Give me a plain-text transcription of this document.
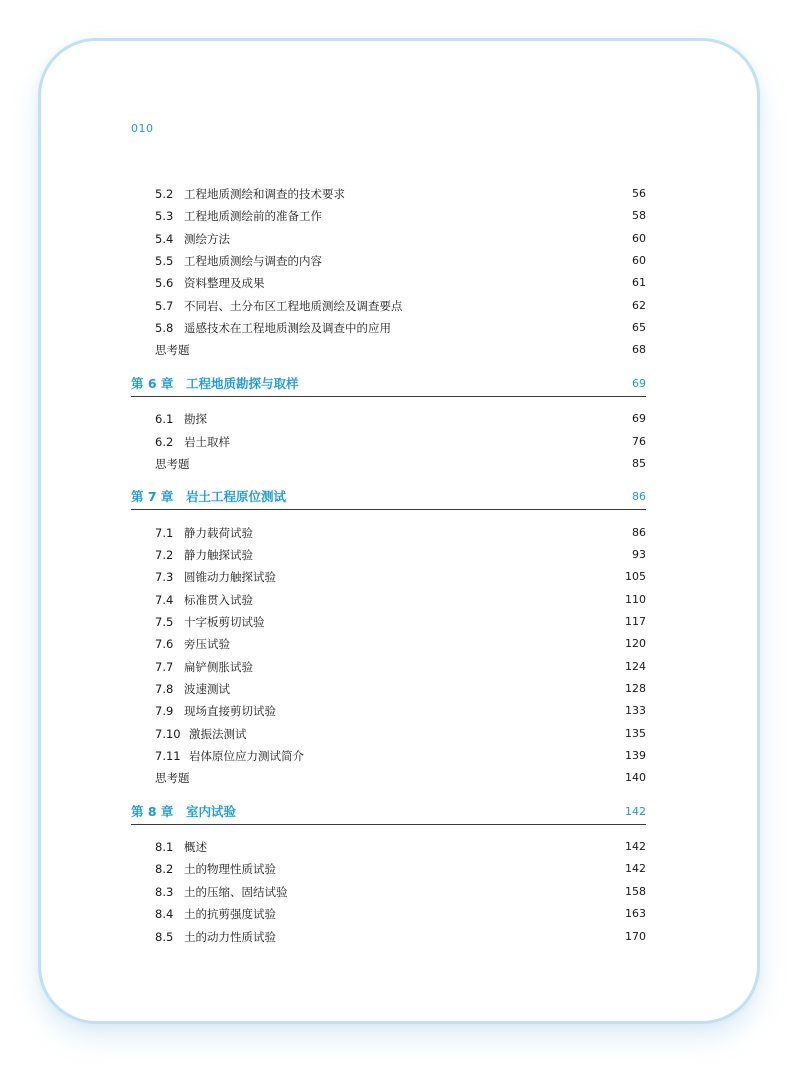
010
5.2 工程地质测绘和调查的技术要求	56
5.3 工程地质测绘前的准备工作	58
5.4 测绘方法	60
5.5 工程地质测绘与调查的内容	60
5.6 资料整理及成果	61
5.7 不同岩、土分布区工程地质测绘及调查要点	62
5.8 遥感技术在工程地质测绘及调查中的应用	65
思考题	68
第 6 章 工程地质勘探与取样	69
6.1 勘探	69
6.2 岩土取样	76
思考题	85
第 7 章 岩土工程原位测试	86
7.1 静力载荷试验	86
7.2 静力触探试验	93
7.3 圆锥动力触探试验	105
7.4 标准贯入试验	110
7.5 十字板剪切试验	117
7.6 旁压试验	120
7.7 扁铲侧胀试验	124
7.8 波速测试	128
7.9 现场直接剪切试验	133
7.10 激振法测试	135
7.11 岩体原位应力测试简介	139
思考题	140
第 8 章 室内试验	142
8.1 概述	142
8.2 土的物理性质试验	142
8.3 土的压缩、固结试验	158
8.4 土的抗剪强度试验	163
8.5 土的动力性质试验	170
